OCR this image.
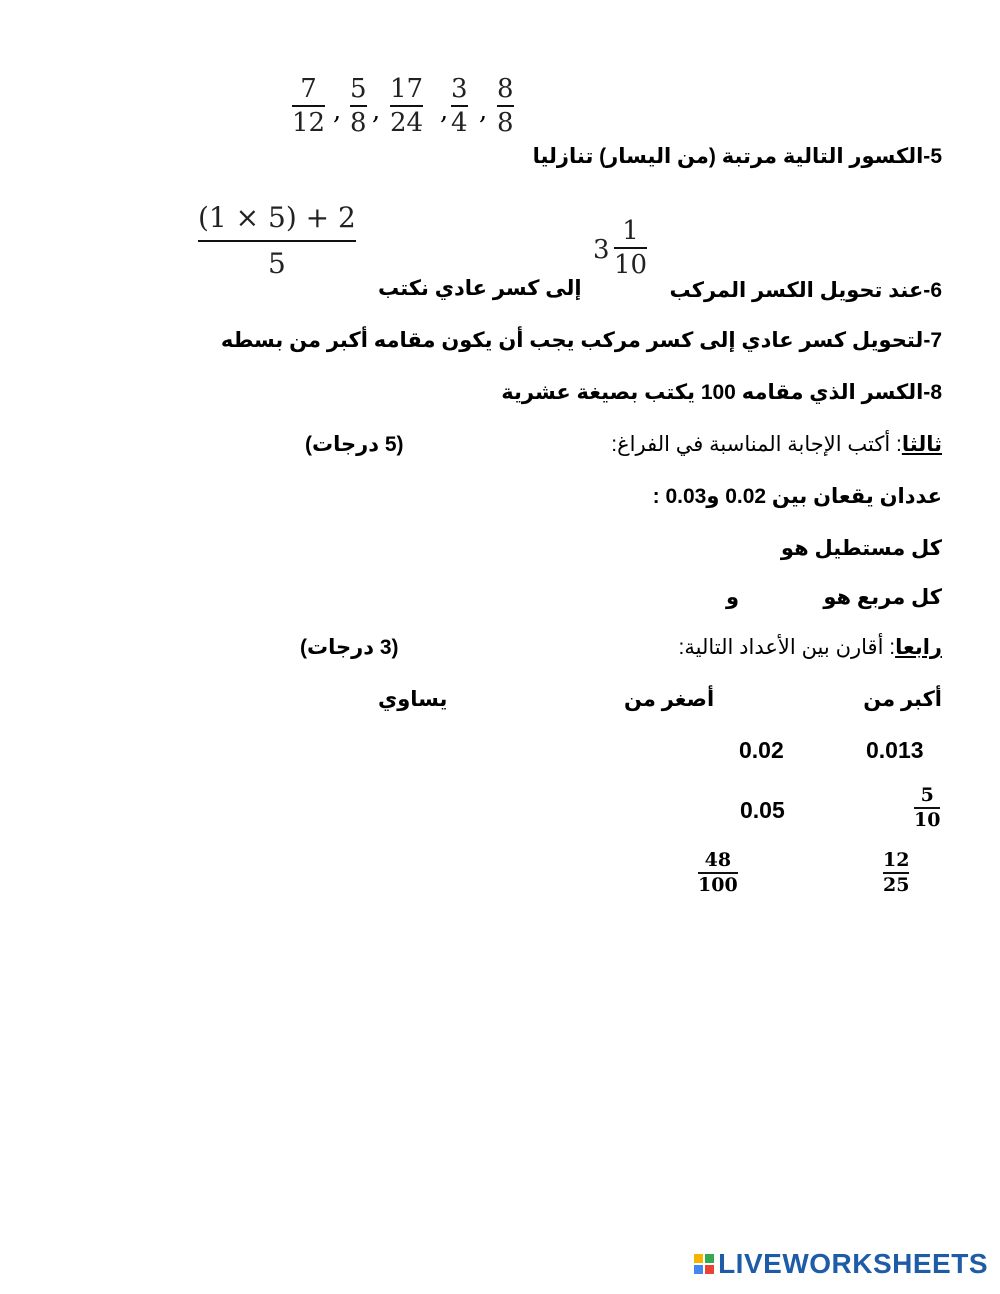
7
12 ,
5
8 ,
17
24 ,
3
4 ,
8
8
5-الكسور التالية مرتبة (من اليسار) تنازليا
(1 × 5) + 2
5	3
1
10
6-عند تحويل الكسر المركب
إلى كسر عادي نكتب
7-لتحويل كسر عادي إلى كسر مركب يجب أن يكون مقامه أكبر من بسطه
8-الكسر الذي مقامه 100 يكتب بصيغة عشرية
ثالثا: أكتب الإجابة المناسبة في الفراغ:
(5 درجات)
عددان يقعان بين 0.02 و0.03 :
كل مستطيل هو
كل مربع هو
و
رابعا: أقارن بين الأعداد التالية:
(3 درجات)
أكبر من
أصغر من
يساوي
0.013
0.02
5
10
0.05
12
25
48
100
LIVEWORKSHEETS
